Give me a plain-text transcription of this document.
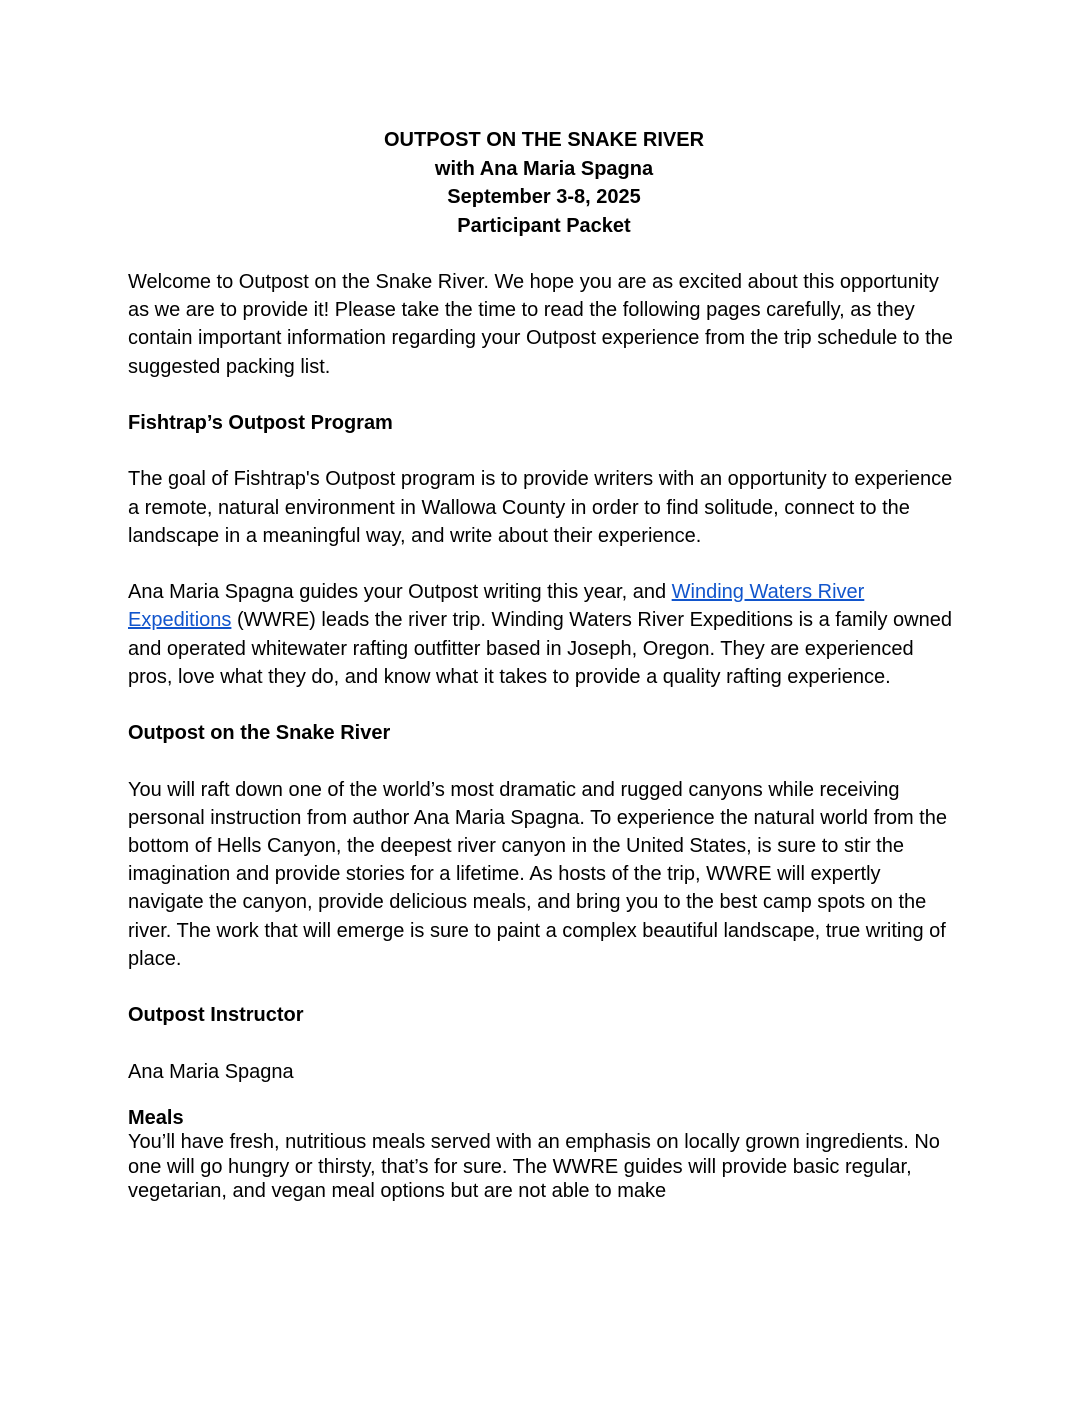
OUTPOST ON THE SNAKE RIVER
with Ana Maria Spagna
September 3-8, 2025
Participant Packet

Welcome to Outpost on the Snake River. We hope you are as excited about this opportunity as we are to provide it! Please take the time to read the following pages carefully, as they contain important information regarding your Outpost experience from the trip schedule to the suggested packing list.

Fishtrap’s Outpost Program

The goal of Fishtrap's Outpost program is to provide writers with an opportunity to experience a remote, natural environment in Wallowa County in order to find solitude, connect to the landscape in a meaningful way, and write about their experience.

Ana Maria Spagna guides your Outpost writing this year, and Winding Waters River Expeditions (WWRE) leads the river trip. Winding Waters River Expeditions is a family owned and operated whitewater rafting outfitter based in Joseph, Oregon. They are experienced pros, love what they do, and know what it takes to provide a quality rafting experience.

Outpost on the Snake River

You will raft down one of the world’s most dramatic and rugged canyons while receiving personal instruction from author Ana Maria Spagna. To experience the natural world from the bottom of Hells Canyon, the deepest river canyon in the United States, is sure to stir the imagination and provide stories for a lifetime. As hosts of the trip, WWRE will expertly navigate the canyon, provide delicious meals, and bring you to the best camp spots on the river. The work that will emerge is sure to paint a complex beautiful landscape, true writing of place.

Outpost Instructor

Ana Maria Spagna

Meals

You’ll have fresh, nutritious meals served with an emphasis on locally grown ingredients. No one will go hungry or thirsty, that’s for sure. The WWRE guides will provide basic regular, vegetarian, and vegan meal options but are not able to make
